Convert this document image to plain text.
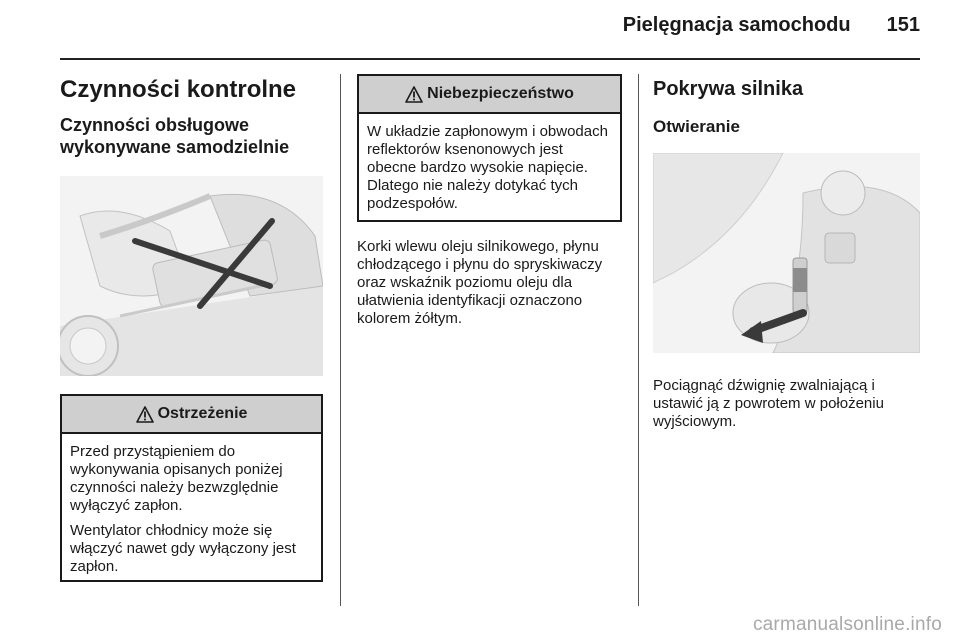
Pielęgnacja samochodu 151
Czynności kontrolne
Czynności obsługowe
wykonywane samodzielnie
Ostrzeżenie

Przed przystąpieniem do wykonywania opisanych poniżej czynności należy bezwzględnie wyłączyć zapłon.

Wentylator chłodnicy może się włączyć nawet gdy wyłączony jest zapłon.

Niebezpieczeństwo

W układzie zapłonowym i obwodach reflektorów ksenonowych jest obecne bardzo wysokie napięcie. Dlatego nie należy dotykać tych podzespołów.

Korki wlewu oleju silnikowego, płynu chłodzącego i płynu do spryskiwaczy oraz wskaźnik poziomu oleju dla ułatwienia identyfikacji oznaczono kolorem żółtym.

Pokrywa silnika
Otwieranie

Pociągnąć dźwignię zwalniającą i ustawić ją z powrotem w położeniu wyjściowym.

carmanualsonline.info
